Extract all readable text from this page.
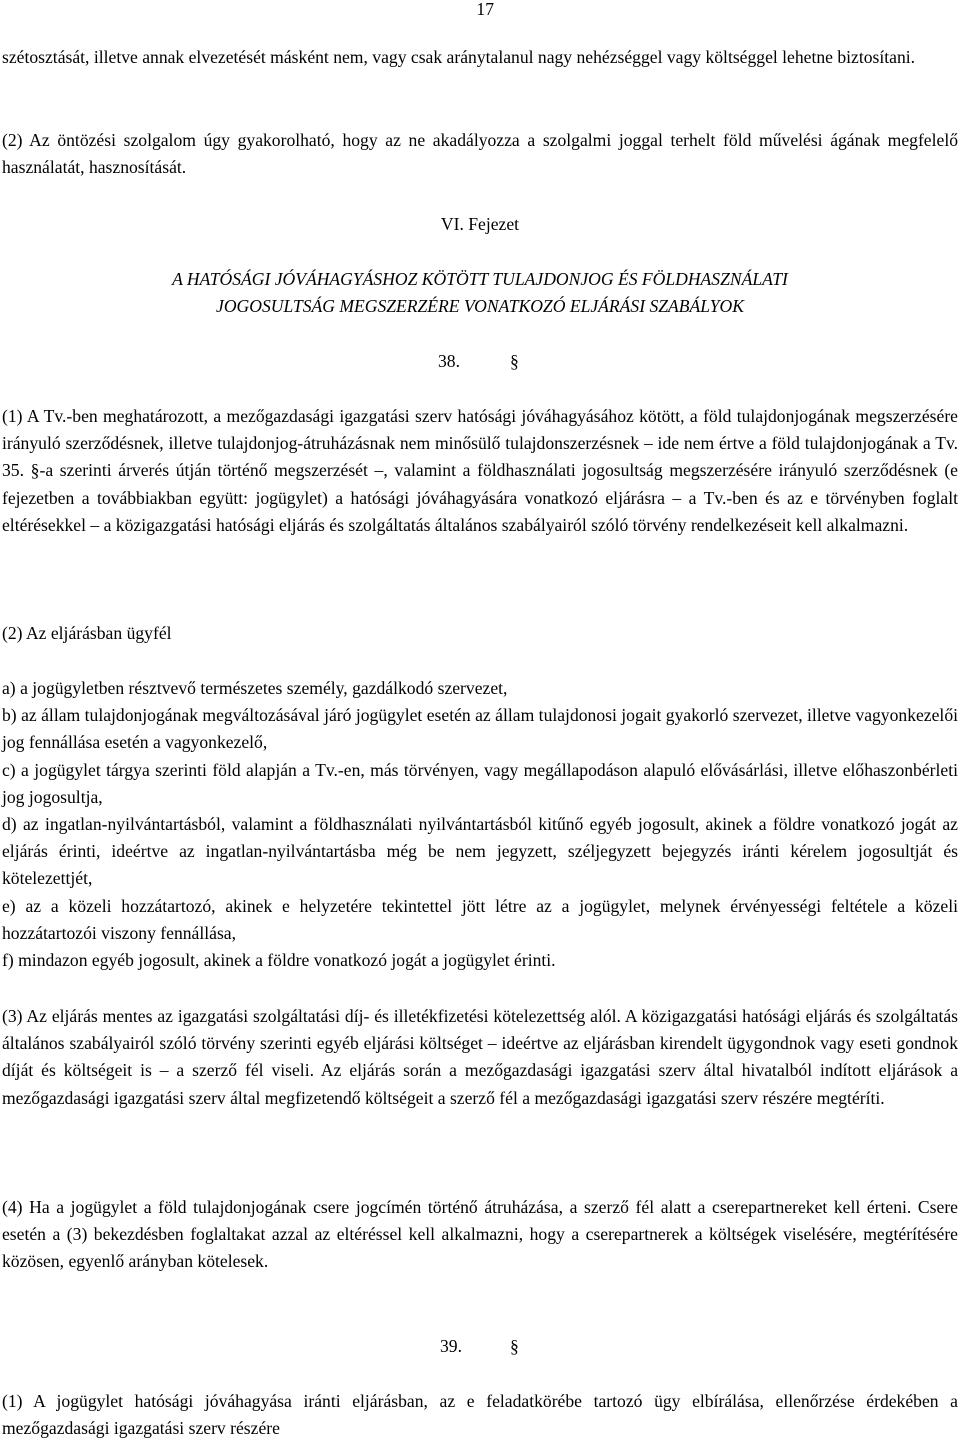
17

szétosztását, illetve annak elvezetését másként nem, vagy csak aránytalanul nagy nehézséggel vagy költséggel lehetne biztosítani.

(2) Az öntözési szolgalom úgy gyakorolható, hogy az ne akadályozza a szolgalmi joggal terhelt föld művelési ágának megfelelő használatát, hasznosítását.

VI. Fejezet

A HATÓSÁGI JÓVÁHAGYÁSHOZ KÖTÖTT TULAJDONJOG ÉS FÖLDHASZNÁLATI

JOGOSULTSÁG MEGSZERZÉRE VONATKOZÓ ELJÁRÁSI SZABÁLYOK

38.	§

(1) A Tv.-ben meghatározott, a mezőgazdasági igazgatási szerv hatósági jóváhagyásához kötött, a föld tulajdonjogának megszerzésére irányuló szerződésnek, illetve tulajdonjog-átruházásnak nem minősülő tulajdonszerzésnek – ide nem értve a föld tulajdonjogának a Tv. 35. §-a szerinti árverés útján történő megszerzését –, valamint a földhasználati jogosultság megszerzésére irányuló szerződésnek (e fejezetben a továbbiakban együtt: jogügylet) a hatósági jóváhagyására vonatkozó eljárásra – a Tv.-ben és az e törvényben foglalt eltérésekkel – a közigazgatási hatósági eljárás és szolgáltatás általános szabályairól szóló törvény rendelkezéseit kell alkalmazni.

(2) Az eljárásban ügyfél

a) a jogügyletben résztvevő természetes személy, gazdálkodó szervezet,
b) az állam tulajdonjogának megváltozásával járó jogügylet esetén az állam tulajdonosi jogait gyakorló szervezet, illetve vagyonkezelői jog fennállása esetén a vagyonkezelő,
c) a jogügylet tárgya szerinti föld alapján a Tv.-en, más törvényen, vagy megállapodáson alapuló elővásárlási, illetve előhaszonbérleti jog jogosultja,
d) az ingatlan-nyilvántartásból, valamint a földhasználati nyilvántartásból kitűnő egyéb jogosult, akinek a földre vonatkozó jogát az eljárás érinti, ideértve az ingatlan-nyilvántartásba még be nem jegyzett, széljegyzett bejegyzés iránti kérelem jogosultját és kötelezettjét,
e) az a közeli hozzátartozó, akinek e helyzetére tekintettel jött létre az a jogügylet, melynek érvényességi feltétele a közeli hozzátartozói viszony fennállása,
f) mindazon egyéb jogosult, akinek a földre vonatkozó jogát a jogügylet érinti.

(3) Az eljárás mentes az igazgatási szolgáltatási díj- és illetékfizetési kötelezettség alól. A közigazgatási hatósági eljárás és szolgáltatás általános szabályairól szóló törvény szerinti egyéb eljárási költséget – ideértve az eljárásban kirendelt ügygondnok vagy eseti gondnok díját és költségeit is – a szerző fél viseli. Az eljárás során a mezőgazdasági igazgatási szerv által hivatalból indított eljárások a mezőgazdasági igazgatási szerv által megfizetendő költségeit a szerző fél a mezőgazdasági igazgatási szerv részére megtéríti.

(4) Ha a jogügylet a föld tulajdonjogának csere jogcímén történő átruházása, a szerző fél alatt a cserepartnereket kell érteni. Csere esetén a (3) bekezdésben foglaltakat azzal az eltéréssel kell alkalmazni, hogy a cserepartnerek a költségek viselésére, megtérítésére közösen, egyenlő arányban kötelesek.

39.	§

(1) A jogügylet hatósági jóváhagyása iránti eljárásban, az e feladatkörébe tartozó ügy elbírálása, ellenőrzése érdekében a mezőgazdasági igazgatási szerv részére
